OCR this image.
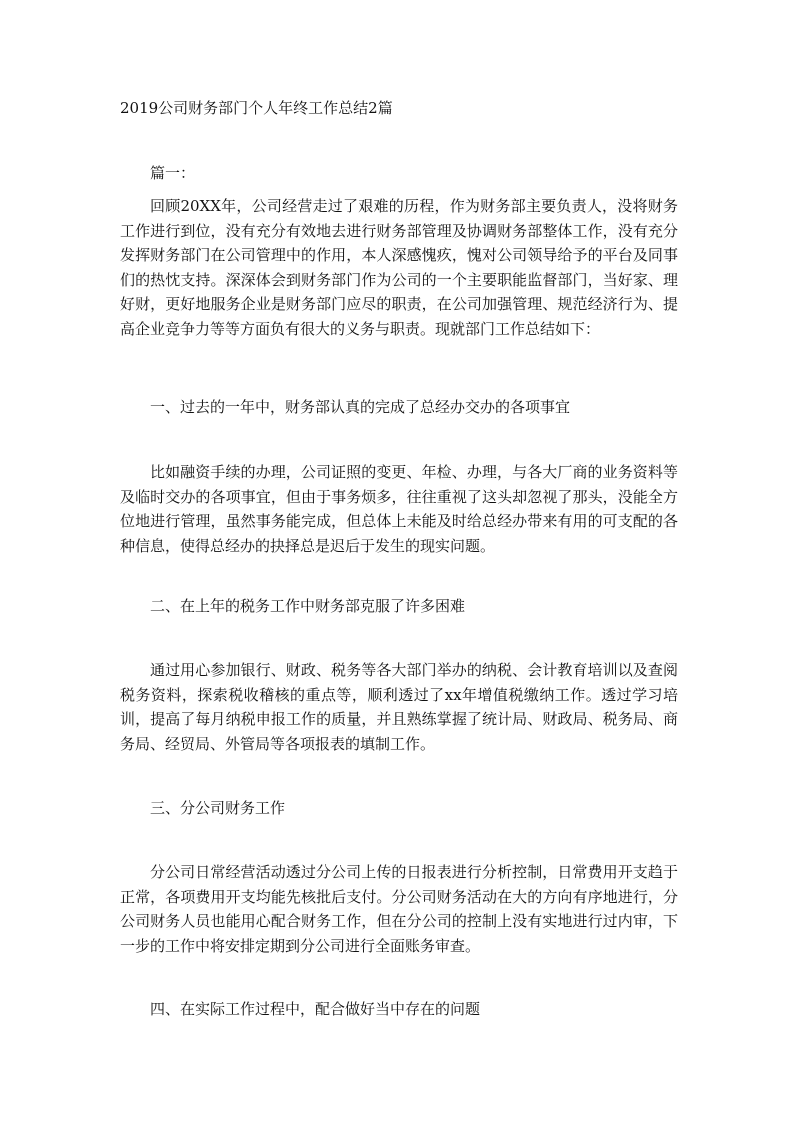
2019公司财务部门个人年终工作总结2篇
篇一：

回顾20XX年，公司经营走过了艰难的历程，作为财务部主要负责人，没将财务工作进行到位，没有充分有效地去进行财务部管理及协调财务部整体工作，没有充分发挥财务部门在公司管理中的作用，本人深感愧疚，愧对公司领导给予的平台及同事们的热忱支持。深深体会到财务部门作为公司的一个主要职能监督部门，当好家、理好财，更好地服务企业是财务部门应尽的职责，在公司加强管理、规范经济行为、提高企业竞争力等等方面负有很大的义务与职责。现就部门工作总结如下：

一、过去的一年中，财务部认真的完成了总经办交办的各项事宜

比如融资手续的办理，公司证照的变更、年检、办理，与各大厂商的业务资料等及临时交办的各项事宜，但由于事务烦多，往往重视了这头却忽视了那头，没能全方位地进行管理，虽然事务能完成，但总体上未能及时给总经办带来有用的可支配的各种信息，使得总经办的抉择总是迟后于发生的现实问题。

二、在上年的税务工作中财务部克服了许多困难

通过用心参加银行、财政、税务等各大部门举办的纳税、会计教育培训以及查阅税务资料，探索税收稽核的重点等，顺利透过了xx年增值税缴纳工作。透过学习培训，提高了每月纳税申报工作的质量，并且熟练掌握了统计局、财政局、税务局、商务局、经贸局、外管局等各项报表的填制工作。

三、分公司财务工作

分公司日常经营活动透过分公司上传的日报表进行分析控制，日常费用开支趋于正常，各项费用开支均能先核批后支付。分公司财务活动在大的方向有序地进行，分公司财务人员也能用心配合财务工作，但在分公司的控制上没有实地进行过内审，下一步的工作中将安排定期到分公司进行全面账务审查。

四、在实际工作过程中，配合做好当中存在的问题
